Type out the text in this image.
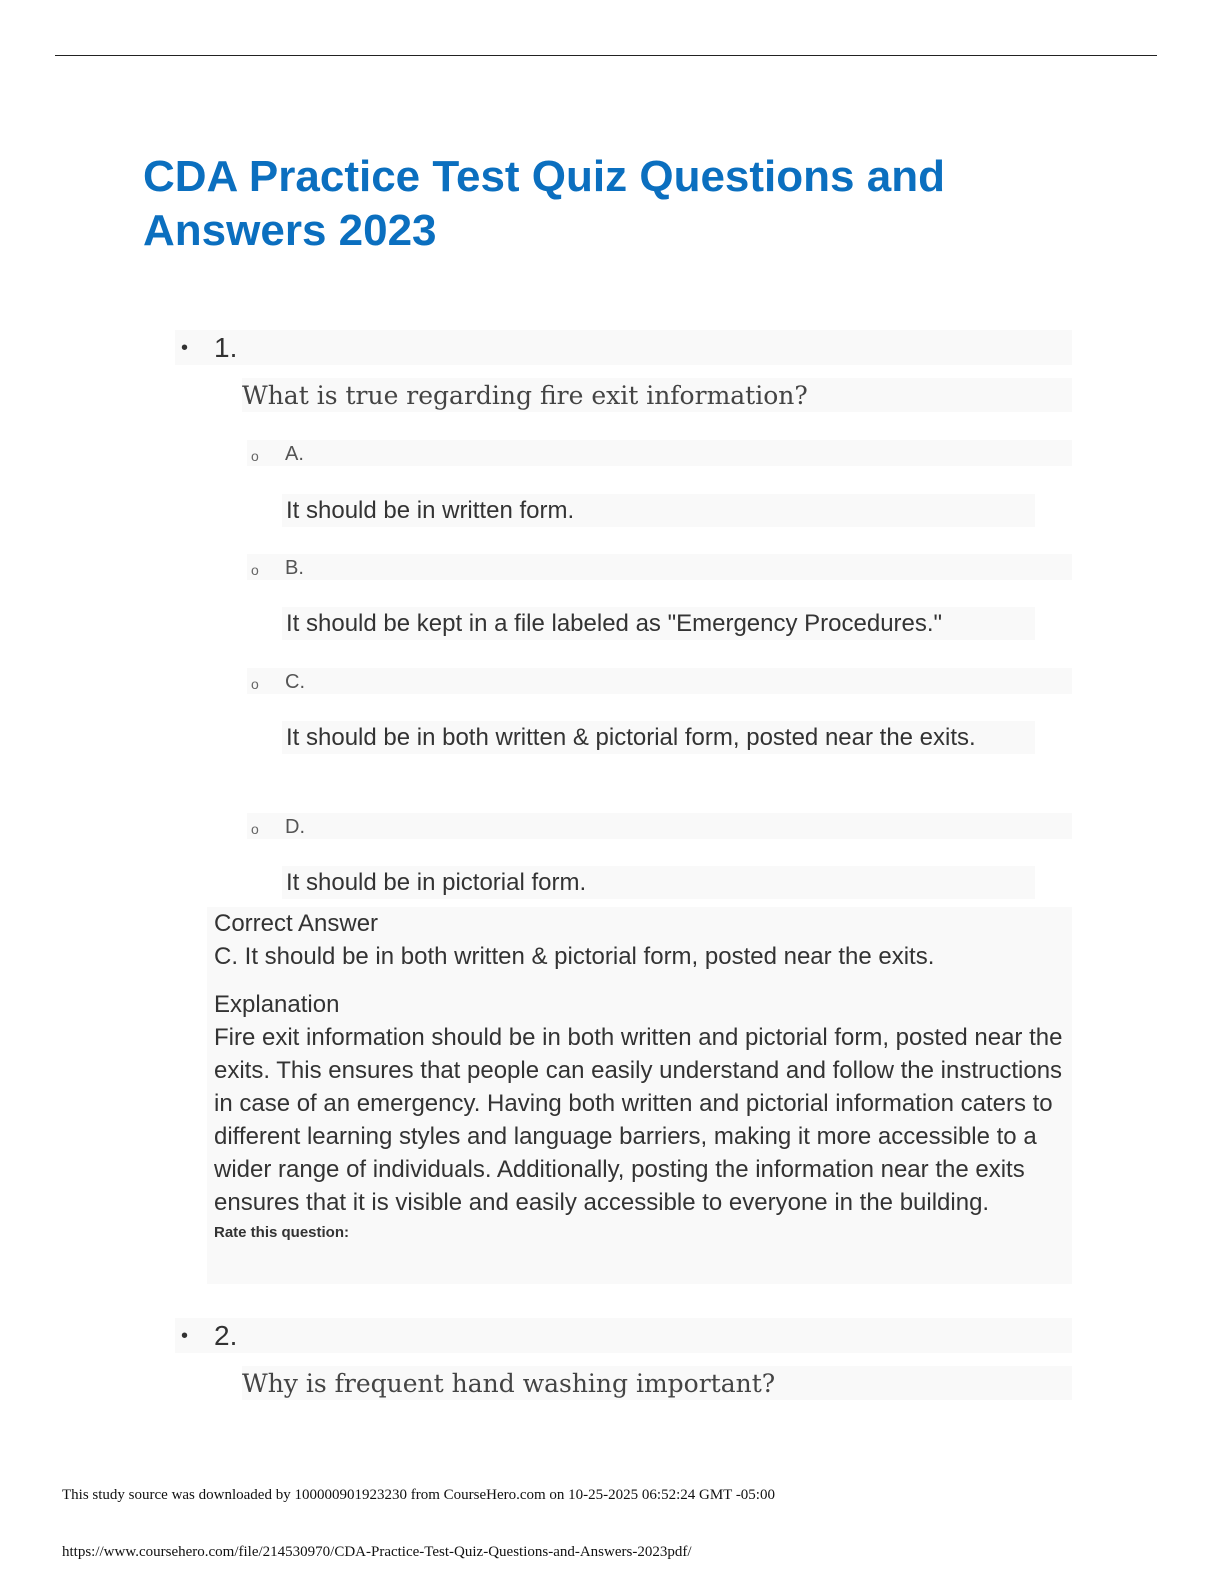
CDA Practice Test Quiz Questions and Answers 2023
• 1.
What is true regarding fire exit information?
o A.
It should be in written form.
o B.
It should be kept in a file labeled as "Emergency Procedures."
o C.
It should be in both written & pictorial form, posted near the exits.
o D.
It should be in pictorial form.
Correct Answer
C. It should be in both written & pictorial form, posted near the exits.
Explanation
Fire exit information should be in both written and pictorial form, posted near the exits. This ensures that people can easily understand and follow the instructions in case of an emergency. Having both written and pictorial information caters to different learning styles and language barriers, making it more accessible to a wider range of individuals. Additionally, posting the information near the exits ensures that it is visible and easily accessible to everyone in the building.
Rate this question:
• 2.
Why is frequent hand washing important?
This study source was downloaded by 100000901923230 from CourseHero.com on 10-25-2025 06:52:24 GMT -05:00
https://www.coursehero.com/file/214530970/CDA-Practice-Test-Quiz-Questions-and-Answers-2023pdf/
